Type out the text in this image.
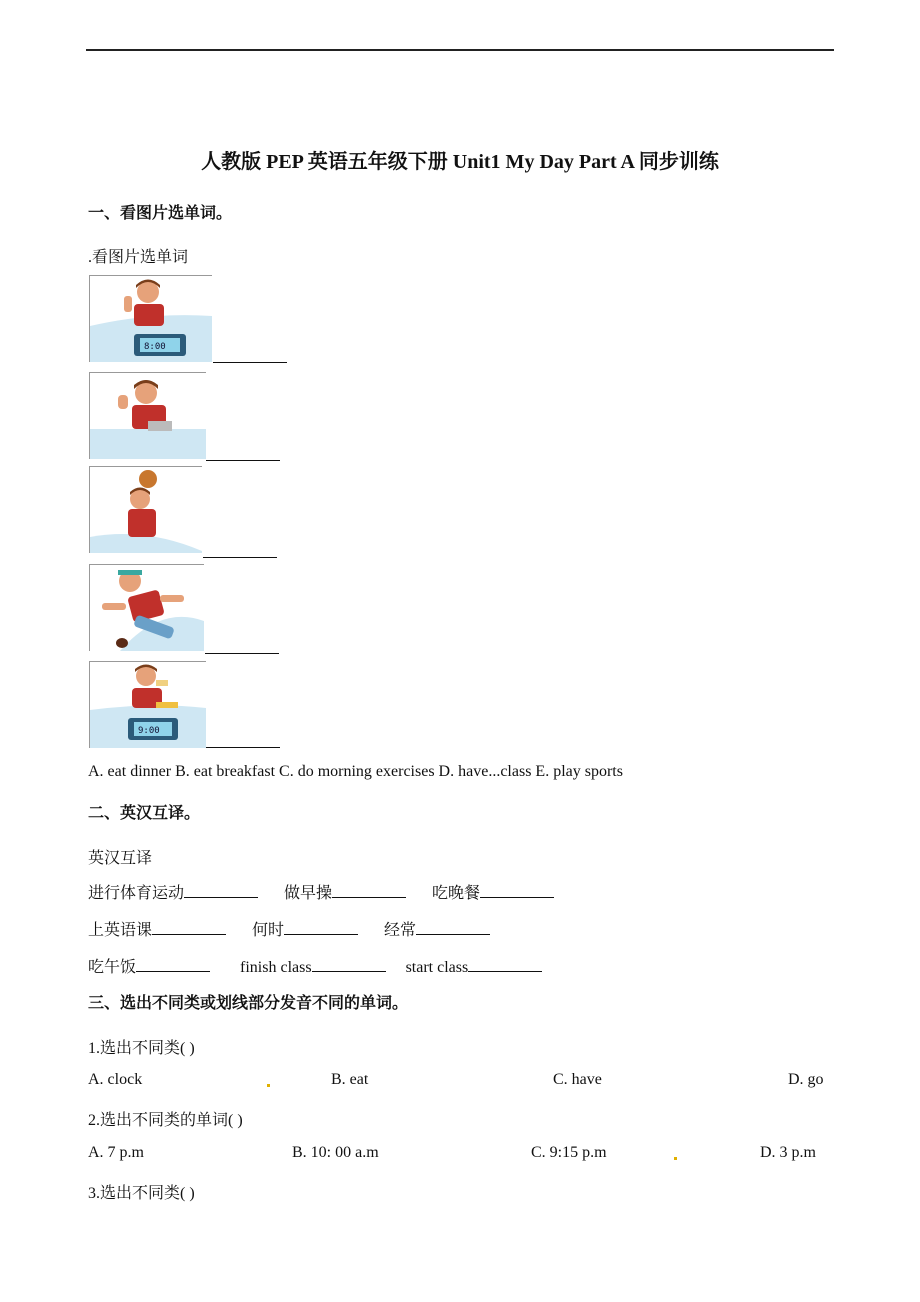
人教版 PEP 英语五年级下册 Unit1 My Day Part A 同步训练
一、看图片选单词。
.看图片选单词
8:00
9:00
A. eat dinner B. eat breakfast C. do morning exercises D. have...class E. play sports
二、英汉互译。
英汉互译
进行体育运动	做早操	吃晚餐
上英语课	何时	经常
吃午饭	finish class	start class
三、选出不同类或划线部分发音不同的单词。
1.选出不同类( )
A. clock	B. eat	C. have	D. go
2.选出不同类的单词( )
A. 7 p.m	B. 10: 00 a.m	C. 9:15 p.m	D. 3 p.m
3.选出不同类( )
